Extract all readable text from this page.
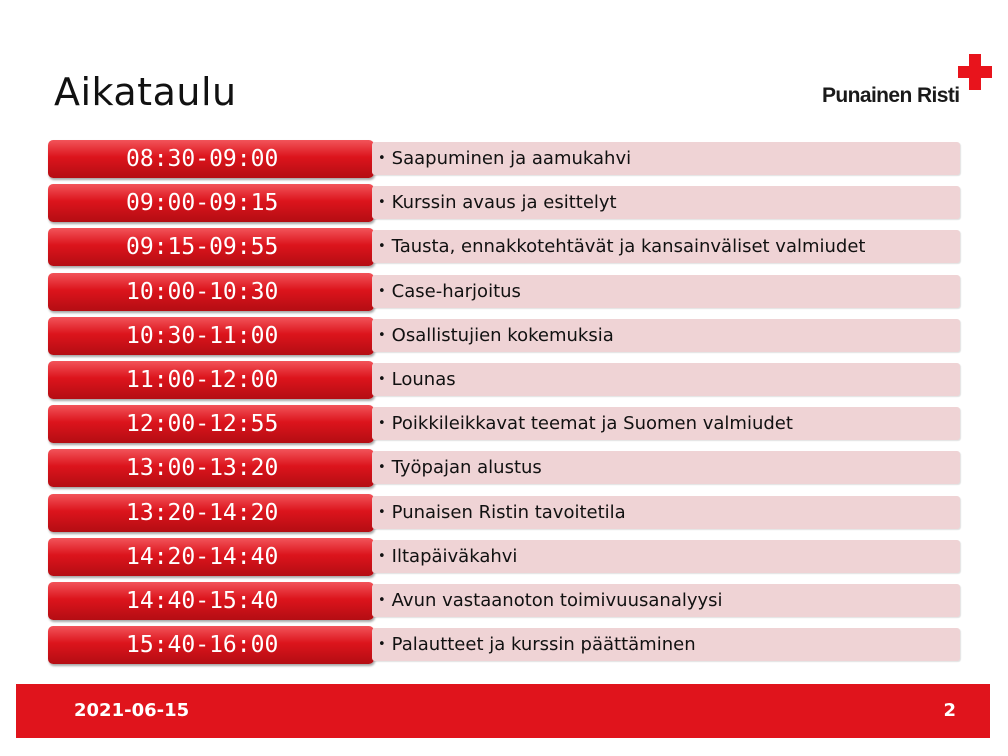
Aikataulu	Punainen Risti
08:30-09:00	• Saapuminen ja aamukahvi
09:00-09:15	• Kurssin avaus ja esittelyt
09:15-09:55	• Tausta, ennakkotehtävät ja kansainväliset valmiudet
10:00-10:30	• Case-harjoitus
10:30-11:00	• Osallistujien kokemuksia
11:00-12:00	• Lounas
12:00-12:55	• Poikkileikkavat teemat ja Suomen valmiudet
13:00-13:20	• Työpajan alustus
13:20-14:20	• Punaisen Ristin tavoitetila
14:20-14:40	• Iltapäiväkahvi
14:40-15:40	• Avun vastaanoton toimivuusanalyysi
15:40-16:00	• Palautteet ja kurssin päättäminen
2021-06-15	2
